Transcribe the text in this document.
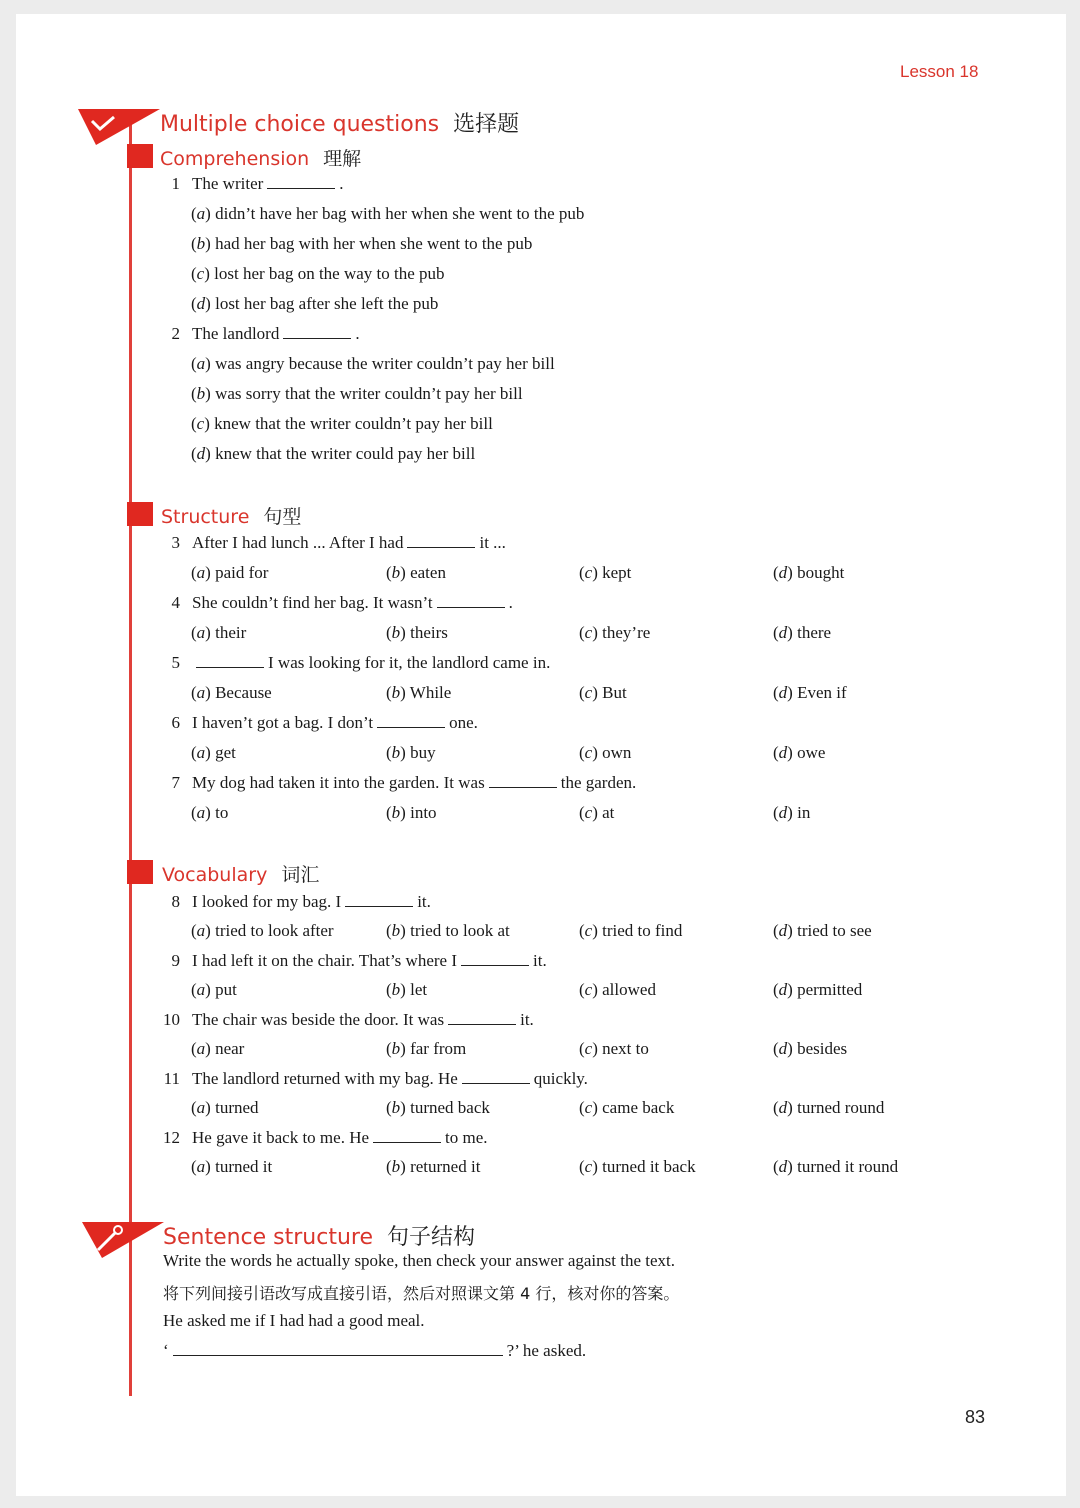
Lesson 18
Multiple choice questions 选择题
Comprehension 理解
Structure 句型
Vocabulary 词汇
Sentence structure 句子结构
1 The writer	.
(a) didn’t have her bag with her when she went to the pub
(b) had her bag with her when she went to the pub
(c) lost her bag on the way to the pub
(d) lost her bag after she left the pub
2 The landlord	.
(a) was angry because the writer couldn’t pay her bill
(b) was sorry that the writer couldn’t pay her bill
(c) knew that the writer couldn’t pay her bill
(d) knew that the writer could pay her bill
3 After I had lunch ... After I had	it ...
(a) paid for	(b) eaten	(c) kept	(d) bought
4 She couldn’t find her bag. It wasn’t	.
(a) their	(b) theirs	(c) they’re	(d) there
5	I was looking for it, the landlord came in.
(a) Because	(b) While	(c) But	(d) Even if
6 I haven’t got a bag. I don’t	one.
(a) get	(b) buy	(c) own	(d) owe
7 My dog had taken it into the garden. It was	the garden.
(a) to	(b) into	(c) at	(d) in
8 I looked for my bag. I	it.
(a) tried to look after	(b) tried to look at	(c) tried to find	(d) tried to see
9 I had left it on the chair. That’s where I	it.
(a) put	(b) let	(c) allowed	(d) permitted
10 The chair was beside the door. It was	it.
(a) near	(b) far from	(c) next to	(d) besides
11 The landlord returned with my bag. He	quickly.
(a) turned	(b) turned back	(c) came back	(d) turned round
12 He gave it back to me. He	to me.
(a) turned it	(b) returned it	(c) turned it back	(d) turned it round
Write the words he actually spoke, then check your answer against the text.
将下列间接引语改写成直接引语，然后对照课文第 4 行，核对你的答案。
He asked me if I had had a good meal.
‘	?’ he asked.
83
